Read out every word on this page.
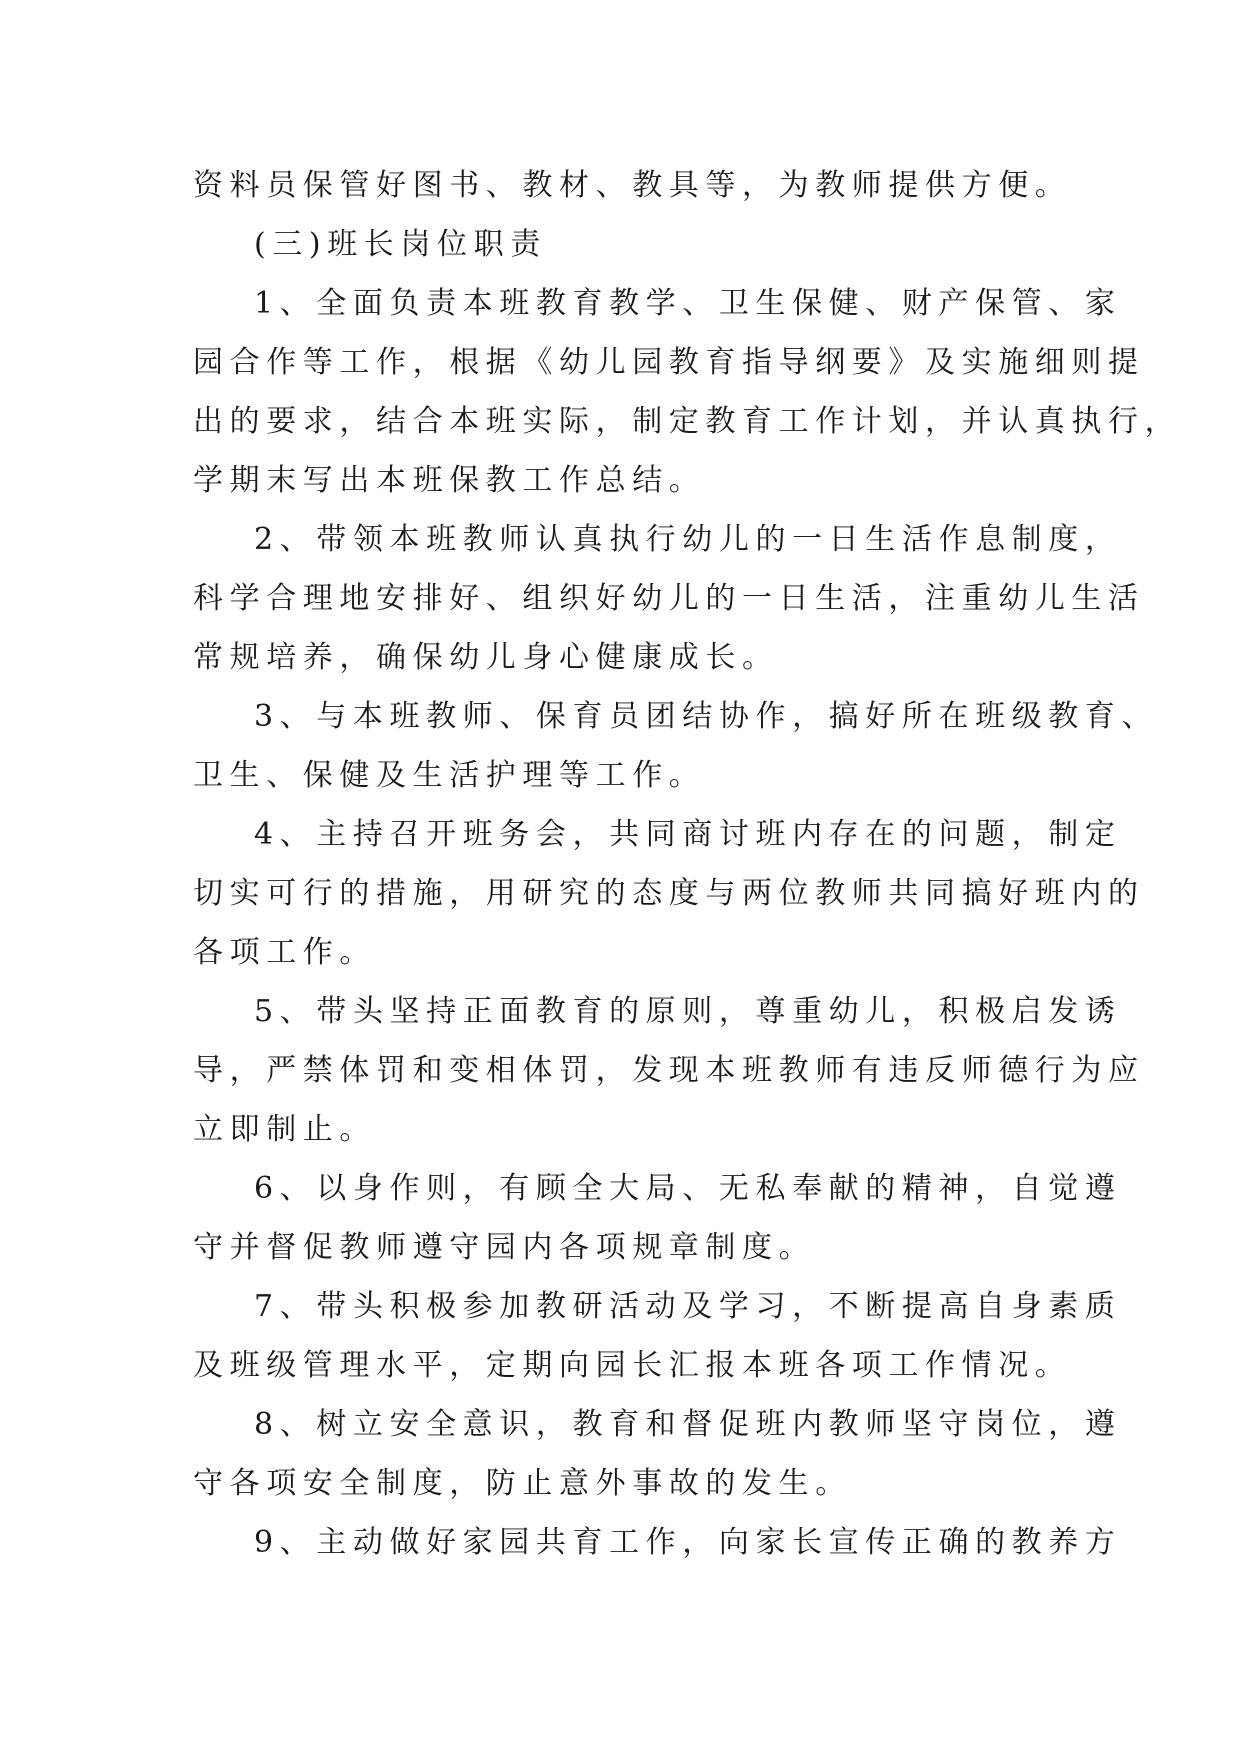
资料员保管好图书、教材、教具等，为教师提供方便。
(三)班长岗位职责
1、全面负责本班教育教学、卫生保健、财产保管、家
园合作等工作，根据《幼儿园教育指导纲要》及实施细则提
出的要求，结合本班实际，制定教育工作计划，并认真执行，
学期末写出本班保教工作总结。
2、带领本班教师认真执行幼儿的一日生活作息制度，
科学合理地安排好、组织好幼儿的一日生活，注重幼儿生活
常规培养，确保幼儿身心健康成长。
3、与本班教师、保育员团结协作，搞好所在班级教育、
卫生、保健及生活护理等工作。
4、主持召开班务会，共同商讨班内存在的问题，制定
切实可行的措施，用研究的态度与两位教师共同搞好班内的
各项工作。
5、带头坚持正面教育的原则，尊重幼儿，积极启发诱
导，严禁体罚和变相体罚，发现本班教师有违反师德行为应
立即制止。
6、以身作则，有顾全大局、无私奉献的精神，自觉遵
守并督促教师遵守园内各项规章制度。
7、带头积极参加教研活动及学习，不断提高自身素质
及班级管理水平，定期向园长汇报本班各项工作情况。
8、树立安全意识，教育和督促班内教师坚守岗位，遵
守各项安全制度，防止意外事故的发生。
9、主动做好家园共育工作，向家长宣传正确的教养方
